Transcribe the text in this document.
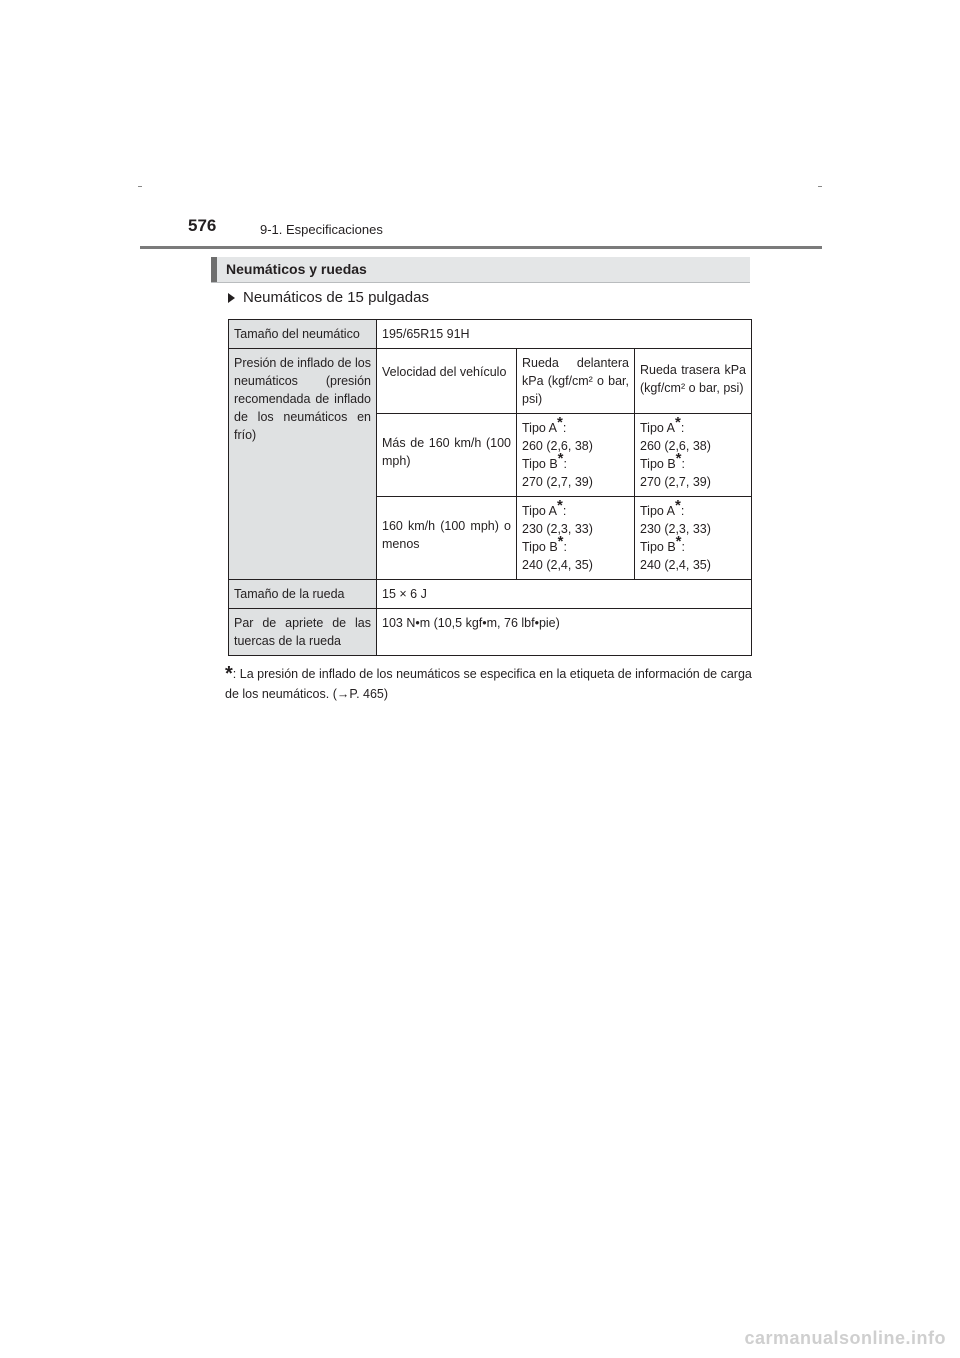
576	9-1. Especificaciones
Neumáticos y ruedas
Neumáticos de 15 pulgadas
Tamaño del neumático	195/65R15 91H		
Presión de inflado de los neumáticos (presión recomendada de inflado de los neumáticos en frío)	Velocidad del vehículo	Rueda delantera kPa (kgf/cm² o bar, psi)	Rueda trasera kPa (kgf/cm² o bar, psi)
	Más de 160 km/h (100 mph)	Tipo A*:
260 (2,6, 38)
Tipo B*:
270 (2,7, 39)	Tipo A*:
260 (2,6, 38)
Tipo B*:
270 (2,7, 39)
	160 km/h (100 mph) o menos	Tipo A*:
230 (2,3, 33)
Tipo B*:
240 (2,4, 35)	Tipo A*:
230 (2,3, 33)
Tipo B*:
240 (2,4, 35)
Tamaño de la rueda	15 × 6 J		
Par de apriete de las tuercas de la rueda	103 N•m (10,5 kgf•m, 76 lbf•pie)		
*: La presión de inflado de los neumáticos se especifica en la etiqueta de información de carga de los neumáticos. (→P. 465)
carmanualsonline.info
